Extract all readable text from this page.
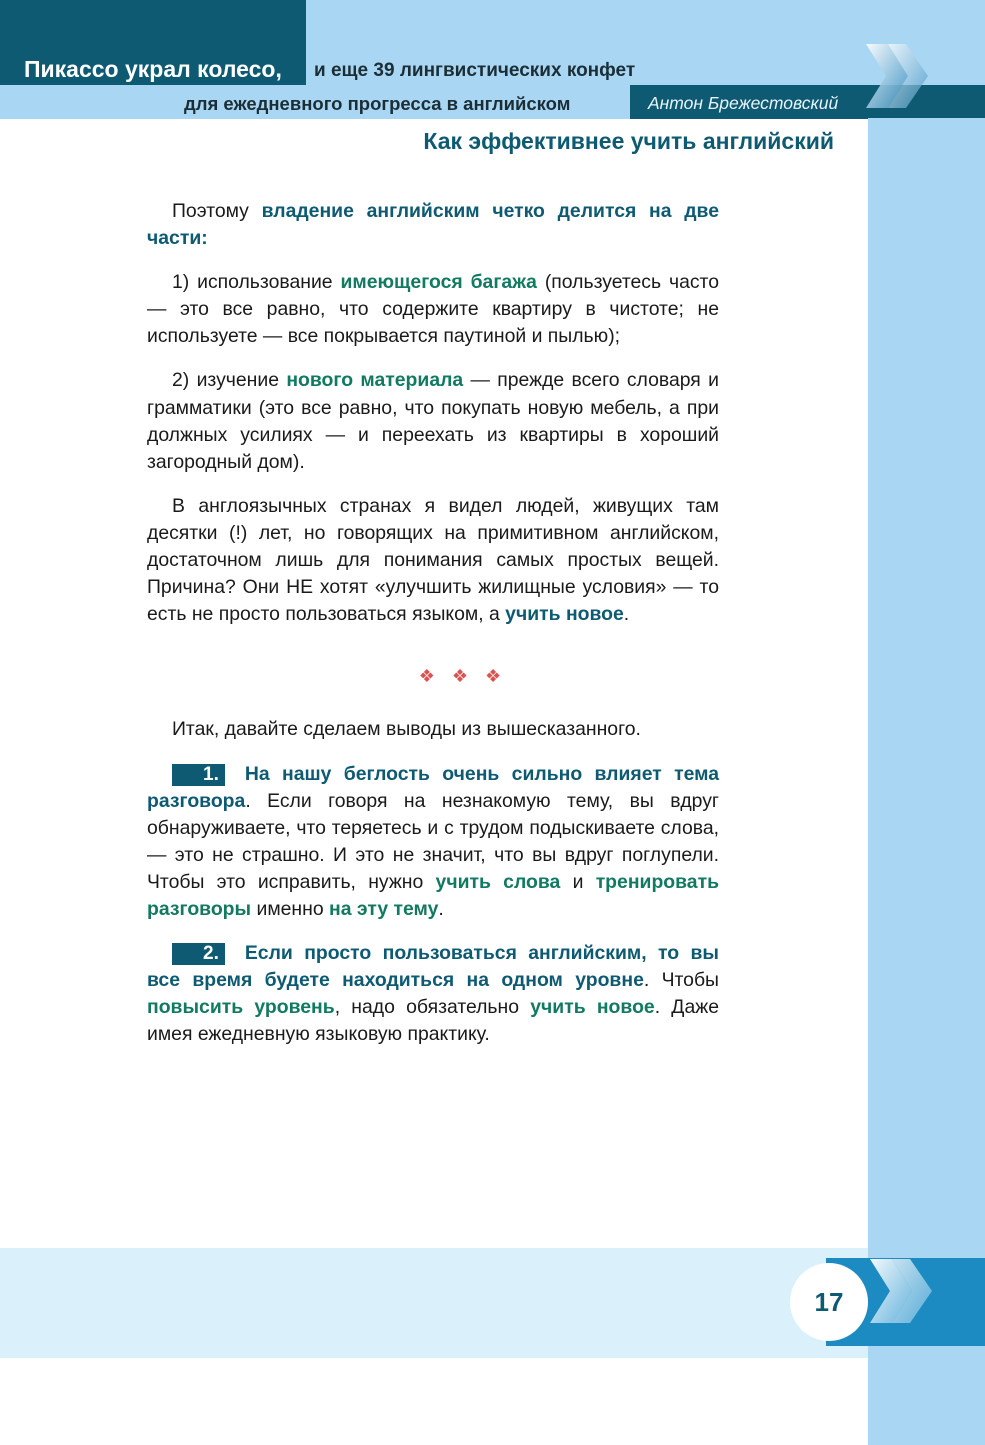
Пикассо украл колесо, и еще 39 лингвистических конфет
для ежедневного прогресса в английском	Антон Брежестовский
Как эффективнее учить английский

Поэтому владение английским четко делится на две части:

1) использование имеющегося багажа (пользуетесь часто — это все равно, что содержите квартиру в чистоте; не используете — все покрывается паутиной и пылью);

2) изучение нового материала — прежде всего словаря и грамматики (это все равно, что покупать новую мебель, а при должных усилиях — и переехать из квартиры в хороший загородный дом).

В англоязычных странах я видел людей, живущих там десятки (!) лет, но говорящих на примитивном английском, достаточном лишь для понимания самых простых вещей. Причина? Они НЕ хотят «улучшить жилищные условия» — то есть не просто пользоваться языком, а учить новое.

❖ ❖ ❖

Итак, давайте сделаем выводы из вышесказанного.

1. На нашу беглость очень сильно влияет тема разговора. Если говоря на незнакомую тему, вы вдруг обнаруживаете, что теряетесь и с трудом подыскиваете слова, — это не страшно. И это не значит, что вы вдруг поглупели. Чтобы это исправить, нужно учить слова и тренировать разговоры именно на эту тему.

2. Если просто пользоваться английским, то вы все время будете находиться на одном уровне. Чтобы повысить уровень, надо обязательно учить новое. Даже имея ежедневную языковую практику.

17
